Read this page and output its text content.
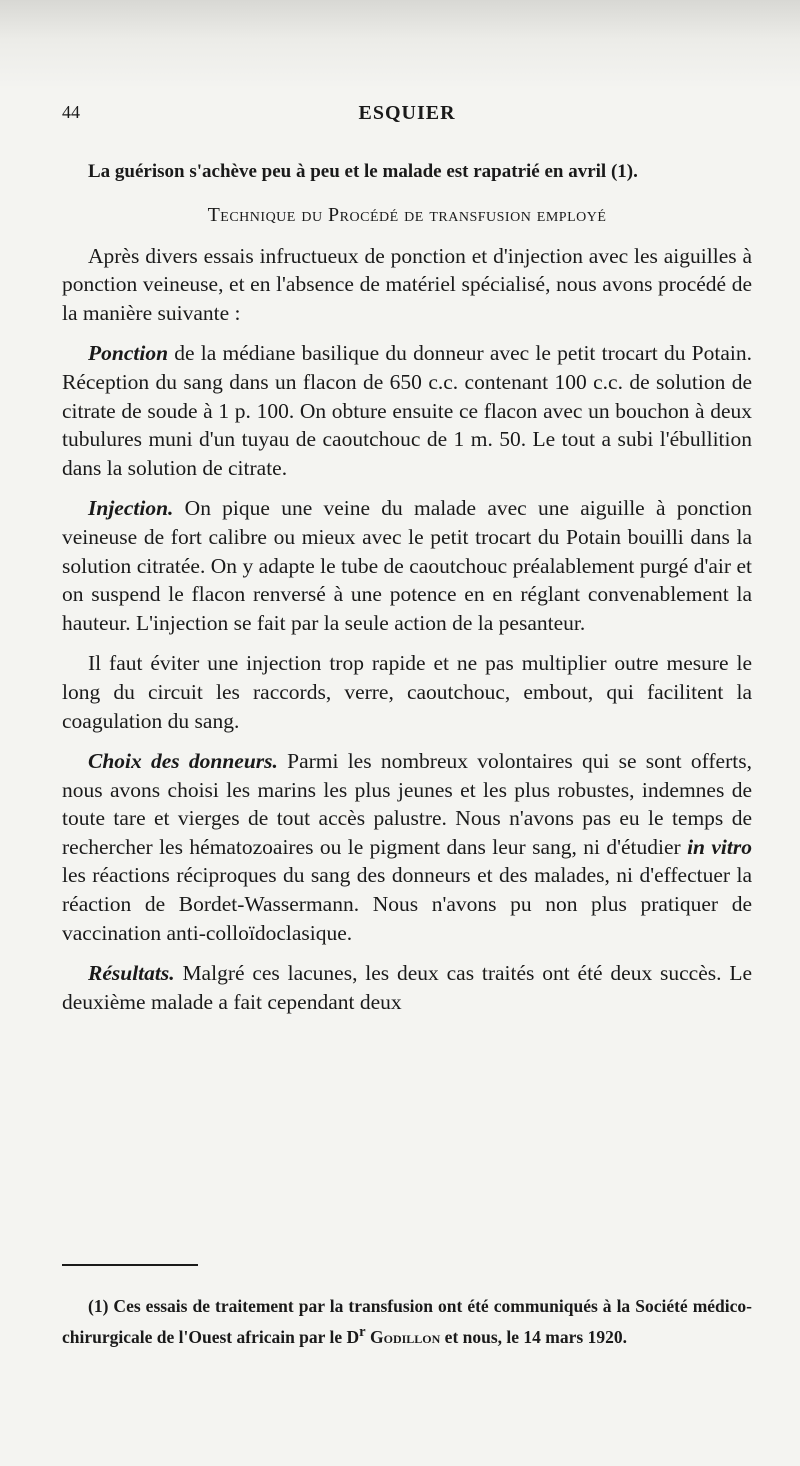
44	ESQUIER

La guérison s'achève peu à peu et le malade est rapatrié en avril (1).

Technique du Procédé de transfusion employé

Après divers essais infructueux de ponction et d'injection avec les aiguilles à ponction veineuse, et en l'absence de matériel spécialisé, nous avons procédé de la manière suivante :

Ponction de la médiane basilique du donneur avec le petit trocart du Potain. Réception du sang dans un flacon de 650 c.c. contenant 100 c.c. de solution de citrate de soude à 1 p. 100. On obture ensuite ce flacon avec un bouchon à deux tubulures muni d'un tuyau de caoutchouc de 1 m. 50. Le tout a subi l'ébullition dans la solution de citrate.

Injection. On pique une veine du malade avec une aiguille à ponction veineuse de fort calibre ou mieux avec le petit trocart du Potain bouilli dans la solution citratée. On y adapte le tube de caoutchouc préalablement purgé d'air et on suspend le flacon renversé à une potence en en réglant convenablement la hauteur. L'injection se fait par la seule action de la pesanteur.

Il faut éviter une injection trop rapide et ne pas multiplier outre mesure le long du circuit les raccords, verre, caoutchouc, embout, qui facilitent la coagulation du sang.

Choix des donneurs. Parmi les nombreux volontaires qui se sont offerts, nous avons choisi les marins les plus jeunes et les plus robustes, indemnes de toute tare et vierges de tout accès palustre. Nous n'avons pas eu le temps de rechercher les hématozoaires ou le pigment dans leur sang, ni d'étudier in vitro les réactions réciproques du sang des donneurs et des malades, ni d'effectuer la réaction de Bordet-Wassermann. Nous n'avons pu non plus pratiquer de vaccination anti-colloïdoclasique.

Résultats. Malgré ces lacunes, les deux cas traités ont été deux succès. Le deuxième malade a fait cependant deux

(1) Ces essais de traitement par la transfusion ont été communiqués à la Société médico-chirurgicale de l'Ouest africain par le $D^r$ Godillon et nous, le 14 mars 1920.
